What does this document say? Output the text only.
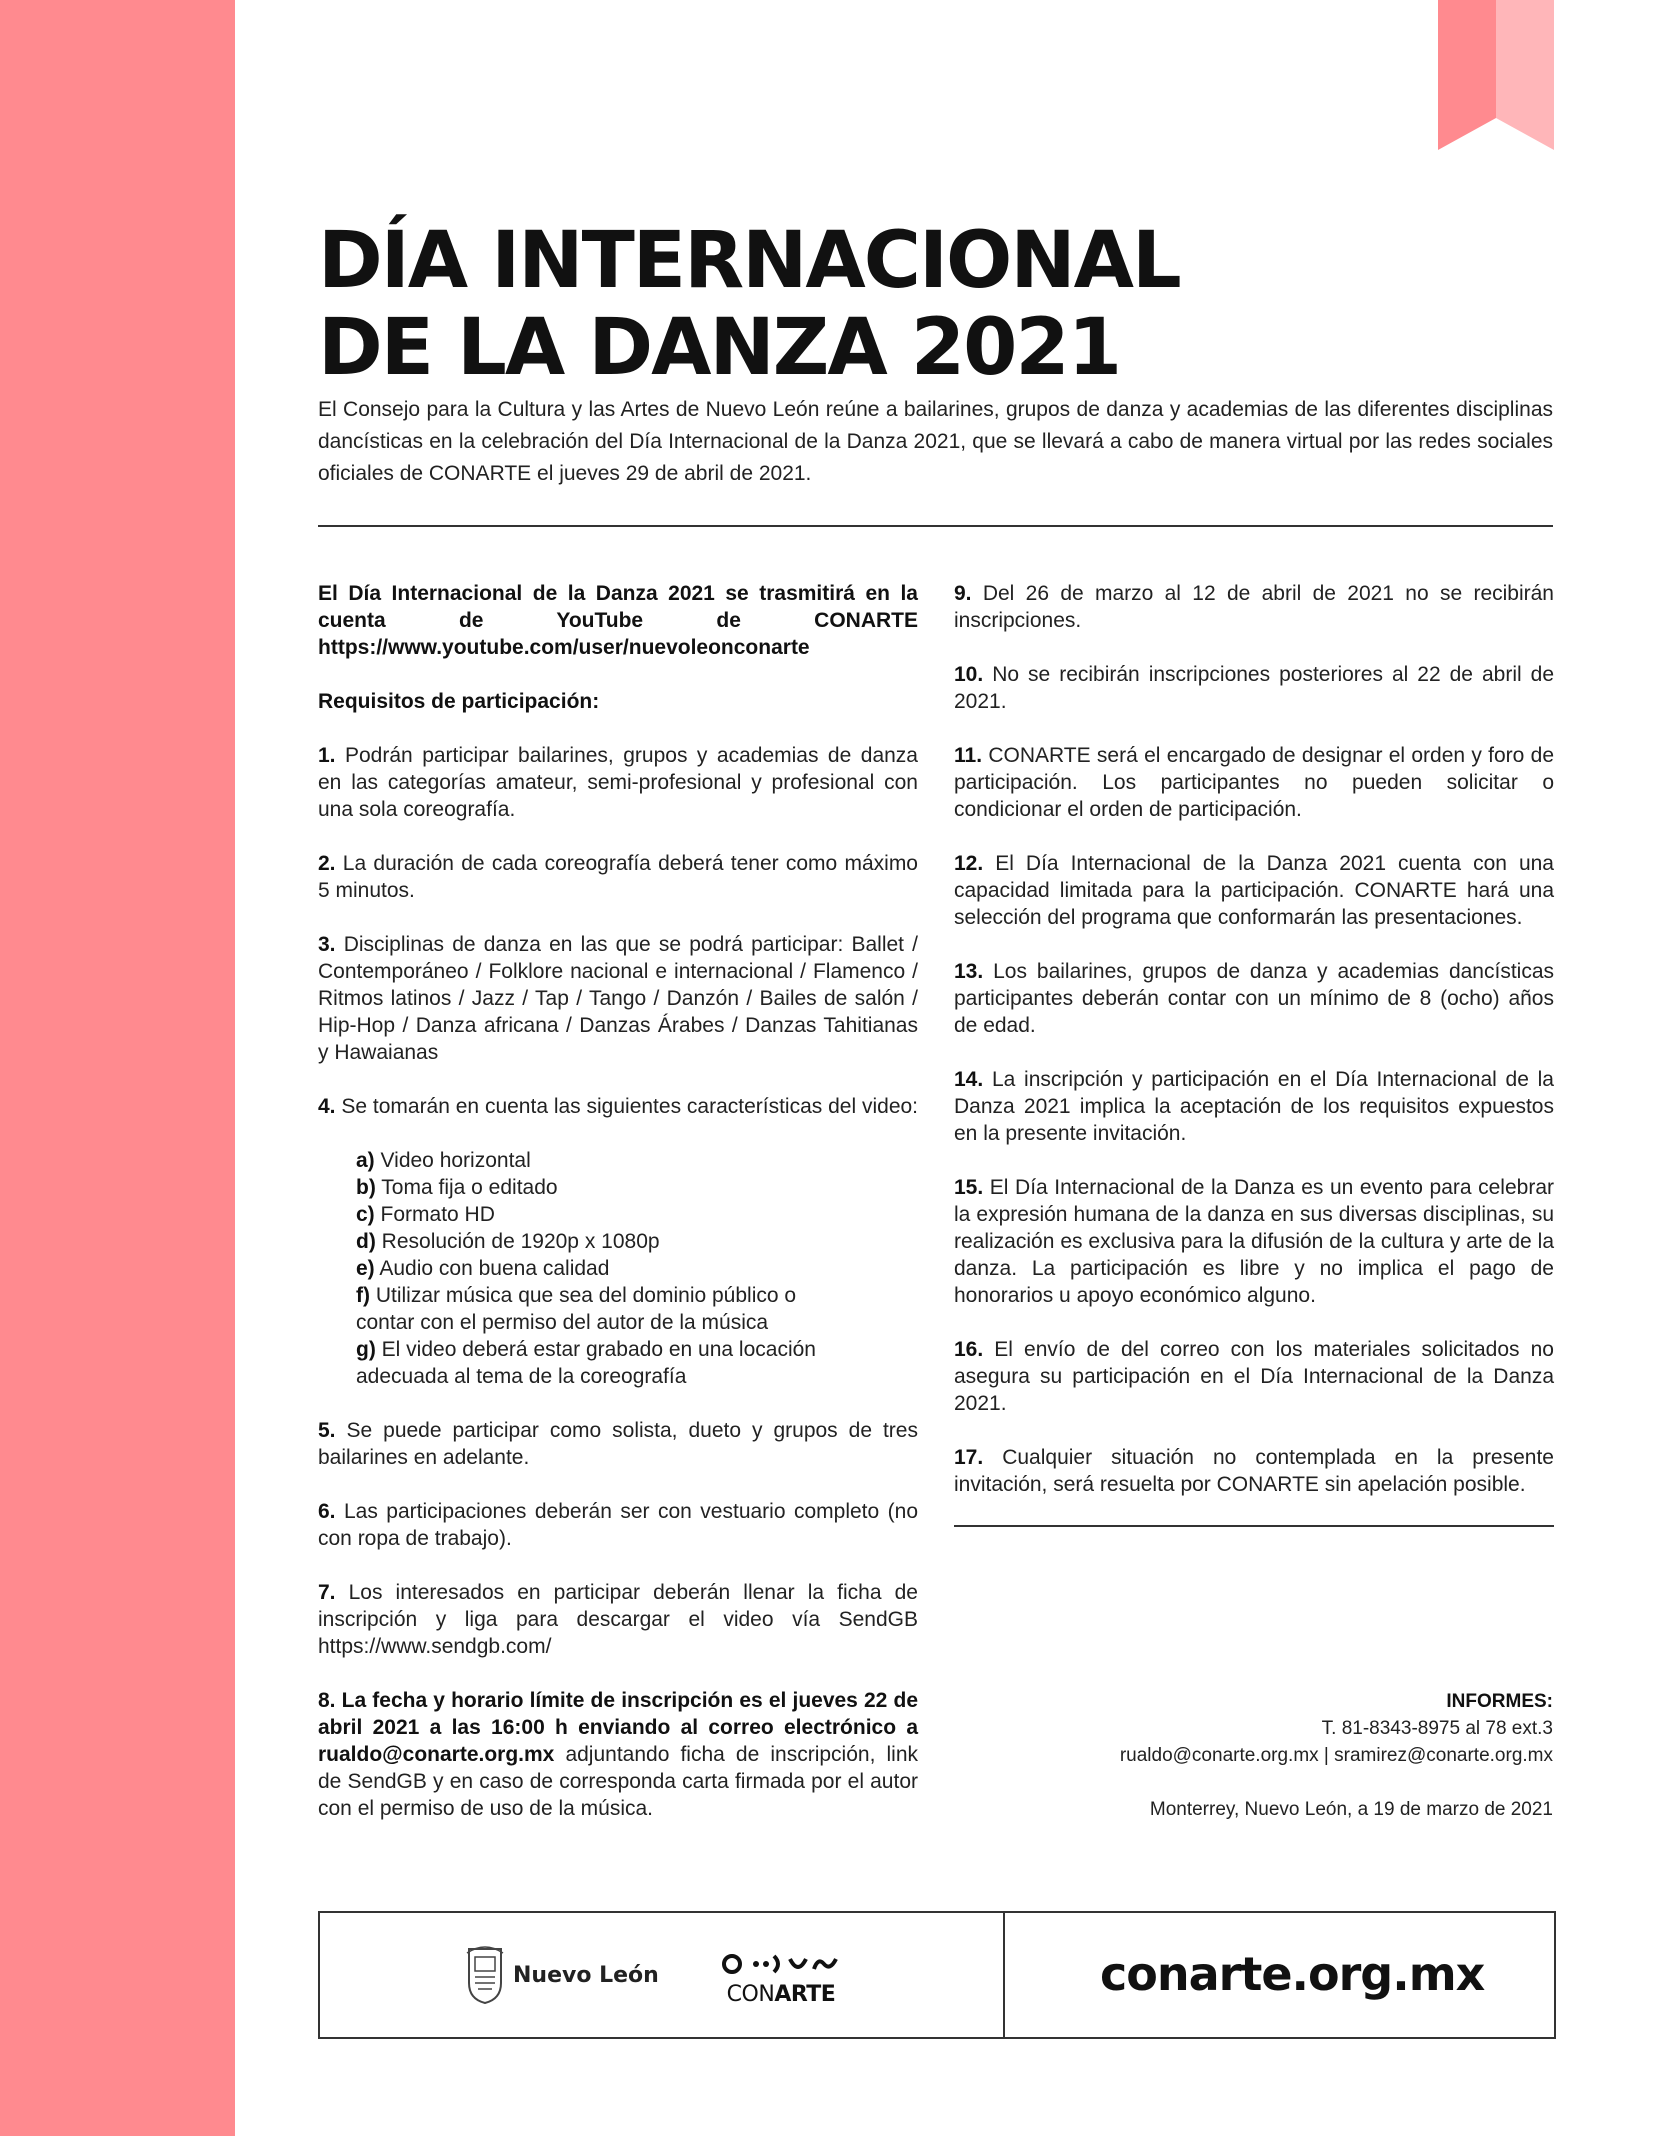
DÍA INTERNACIONAL
DE LA DANZA 2021

El Consejo para la Cultura y las Artes de Nuevo León reúne a bailarines, grupos de danza y academias de las diferentes disciplinas dancísticas en la celebración del Día Internacional de la Danza 2021, que se llevará a cabo de manera virtual por las redes sociales oficiales de CONARTE el jueves 29 de abril de 2021.

El Día Internacional de la Danza 2021 se trasmitirá en la cuenta de YouTube de CONARTE https://www.youtube.com/user/nuevoleonconarte

Requisitos de participación:

1. Podrán participar bailarines, grupos y academias de danza en las categorías amateur, semi-profesional y profesional con una sola coreografía.

2. La duración de cada coreografía deberá tener como máximo 5 minutos.

3. Disciplinas de danza en las que se podrá participar: Ballet / Contemporáneo / Folklore nacional e internacional / Flamenco / Ritmos latinos / Jazz / Tap / Tango / Danzón / Bailes de salón / Hip-Hop / Danza africana / Danzas Árabes / Danzas Tahitianas y Hawaianas

4. Se tomarán en cuenta las siguientes características del video:

a) Video horizontal
b) Toma fija o editado
c) Formato HD
d) Resolución de 1920p x 1080p
e) Audio con buena calidad
f) Utilizar música que sea del dominio público o
contar con el permiso del autor de la música
g) El video deberá estar grabado en una locación
adecuada al tema de la coreografía

5. Se puede participar como solista, dueto y grupos de tres bailarines en adelante.

6. Las participaciones deberán ser con vestuario completo (no con ropa de trabajo).

7. Los interesados en participar deberán llenar la ficha de inscripción y liga para descargar el video vía SendGB https://www.sendgb.com/

8. La fecha y horario límite de inscripción es el jueves 22 de abril 2021 a las 16:00 h enviando al correo electrónico a rualdo@conarte.org.mx adjuntando ficha de inscripción, link de SendGB y en caso de corresponda carta firmada por el autor con el permiso de uso de la música.

9. Del 26 de marzo al 12 de abril de 2021 no se recibirán inscripciones.

10. No se recibirán inscripciones posteriores al 22 de abril de 2021.

11. CONARTE será el encargado de designar el orden y foro de participación. Los participantes no pueden solicitar o condicionar el orden de participación.

12. El Día Internacional de la Danza 2021 cuenta con una capacidad limitada para la participación. CONARTE hará una selección del programa que conformarán las presentaciones.

13. Los bailarines, grupos de danza y academias dancísticas participantes deberán contar con un mínimo de 8 (ocho) años de edad.

14. La inscripción y participación en el Día Internacional de la Danza 2021 implica la aceptación de los requisitos expuestos en la presente invitación.

15. El Día Internacional de la Danza es un evento para celebrar la expresión humana de la danza en sus diversas disciplinas, su realización es exclusiva para la difusión de la cultura y arte de la danza. La participación es libre y no implica el pago de honorarios u apoyo económico alguno.

16. El envío de del correo con los materiales solicitados no asegura su participación en el Día Internacional de la Danza 2021.

17. Cualquier situación no contemplada en la presente invitación, será resuelta por CONARTE sin apelación posible.

INFORMES:
T. 81-8343-8975 al 78 ext.3
rualdo@conarte.org.mx | sramirez@conarte.org.mx
Monterrey, Nuevo León, a 19 de marzo de 2021
Nuevo León
CONARTE	conarte.org.mx
